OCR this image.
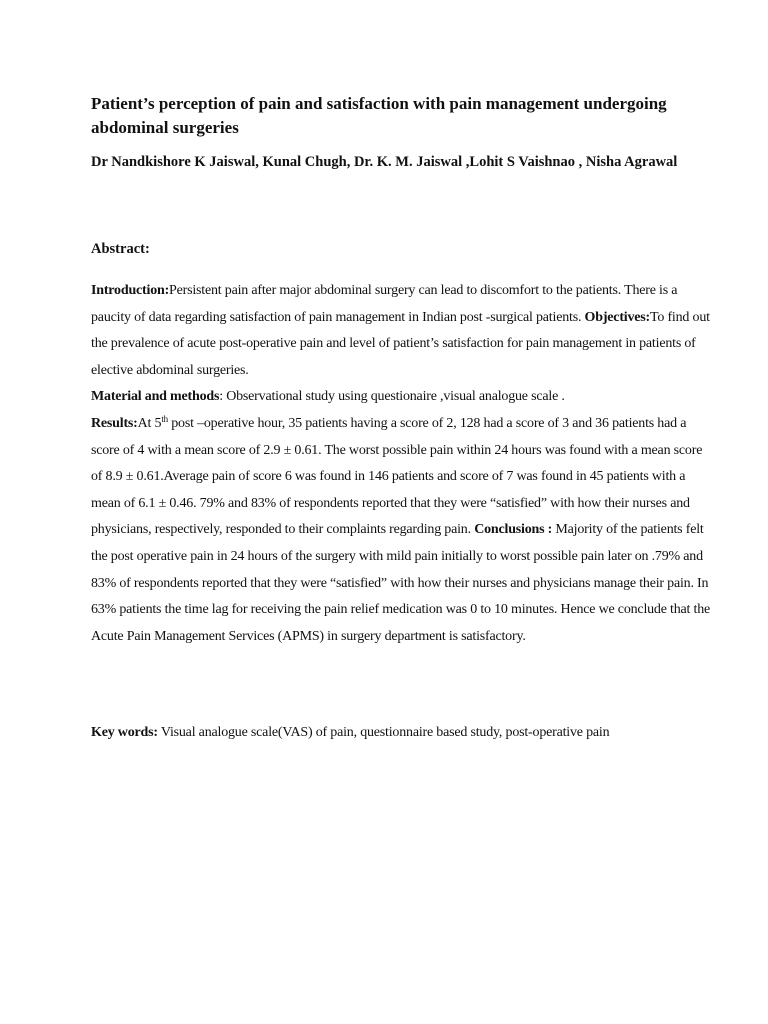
Patient’s perception of pain and satisfaction with pain management undergoing abdominal surgeries

Dr Nandkishore K Jaiswal, Kunal Chugh, Dr. K. M. Jaiswal ,Lohit S Vaishnao , Nisha Agrawal

Abstract:

Introduction:Persistent pain after major abdominal surgery can lead to discomfort to the patients. There is a paucity of data regarding satisfaction of pain management in Indian post -surgical patients. Objectives:To find out the prevalence of acute post-operative pain and level of patient’s satisfaction for pain management in patients of elective abdominal surgeries.
Material and methods: Observational study using questionaire ,visual analogue scale .
Results:At 5th post –operative hour, 35 patients having a score of 2, 128 had a score of 3 and 36 patients had a score of 4 with a mean score of 2.9 ± 0.61. The worst possible pain within 24 hours was found with a mean score of 8.9 ± 0.61.Average pain of score 6 was found in 146 patients and score of 7 was found in 45 patients with a mean of 6.1 ± 0.46. 79% and 83% of respondents reported that they were “satisfied” with how their nurses and physicians, respectively, responded to their complaints regarding pain. Conclusions : Majority of the patients felt the post operative pain in 24 hours of the surgery with mild pain initially to worst possible pain later on .79% and 83% of respondents reported that they were “satisfied” with how their nurses and physicians manage their pain. In 63% patients the time lag for receiving the pain relief medication was 0 to 10 minutes. Hence we conclude that the Acute Pain Management Services (APMS) in surgery department is satisfactory.

Key words: Visual analogue scale(VAS) of pain, questionnaire based study, post-operative pain
